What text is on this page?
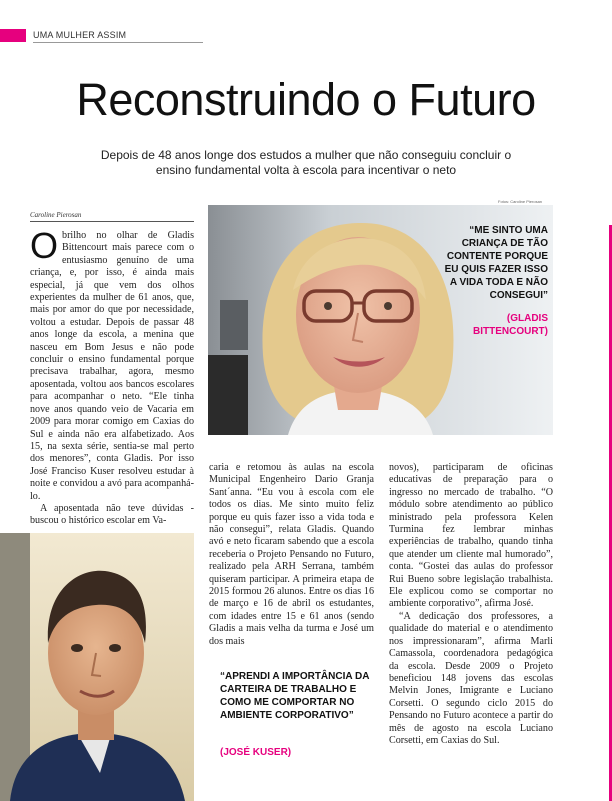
UMA MULHER ASSIM
Reconstruindo o Futuro
Depois de 48 anos longe dos estudos a mulher que não conseguiu concluir o ensino fundamental volta à escola para incentivar o neto
Fotos: Caroline Pierosan
Caroline Pierosan
O brilho no olhar de Gladis Bittencourt mais parece com o entusiasmo genuíno de uma criança, e, por isso, é ainda mais especial, já que vem dos olhos experientes da mulher de 61 anos, que, mais por amor do que por necessidade, voltou a estudar. Depois de passar 48 anos longe da escola, a menina que nasceu em Bom Jesus e não pode concluir o ensino fundamental porque precisava trabalhar, agora, mesmo aposentada, voltou aos bancos escolares para acompanhar o neto. “Ele tinha nove anos quando veio de Vacaria em 2009 para morar comigo em Caxias do Sul e ainda não era alfabetizado. Aos 15, na sexta série, sentia-se mal perto dos menores”, conta Gladis. Por isso José Franciso Kuser resolveu estudar à noite e convidou a avó para acompanhá-lo.

A aposentada não teve dúvidas - buscou o histórico escolar em Va-

“ME SINTO UMA CRIANÇA DE TÃO CONTENTE PORQUE EU QUIS FAZER ISSO A VIDA TODA E NÃO CONSEGUI”
(GLADIS BITTENCOURT)

caria e retomou às aulas na escola Municipal Engenheiro Dario Granja Sant´anna. “Eu vou à escola com ele todos os dias. Me sinto muito feliz porque eu quis fazer isso a vida toda e não consegui”, relata Gladis. Quando avó e neto ficaram sabendo que a escola receberia o Projeto Pensando no Futuro, realizado pela ARH Serrana, também quiseram participar. A primeira etapa de 2015 formou 26 alunos. Entre os dias 16 de março e 16 de abril os estudantes, com idades entre 15 e 61 anos (sendo Gladis a mais velha da turma e José um dos mais

“APRENDI A IMPORTÂNCIA DA CARTEIRA DE TRABALHO E COMO ME COMPORTAR NO AMBIENTE CORPORATIVO”
(JOSÉ KUSER)

novos), participaram de oficinas educativas de preparação para o ingresso no mercado de trabalho. “O módulo sobre atendimento ao público ministrado pela professora Kelen Turmina fez lembrar minhas experiências de trabalho, quando tinha que atender um cliente mal humorado”, conta. “Gostei das aulas do professor Rui Bueno sobre legislação trabalhista. Ele explicou como se comportar no ambiente corporativo”, afirma José.

“A dedicação dos professores, a qualidade do material e o atendimento nos impressionaram”, afirma Marli Camassola, coordenadora pedagógica da escola. Desde 2009 o Projeto beneficiou 148 jovens das escolas Melvin Jones, Imigrante e Luciano Corsetti. O segundo ciclo 2015 do Pensando no Futuro acontece a partir do mês de agosto na escola Luciano Corsetti, em Caxias do Sul.
